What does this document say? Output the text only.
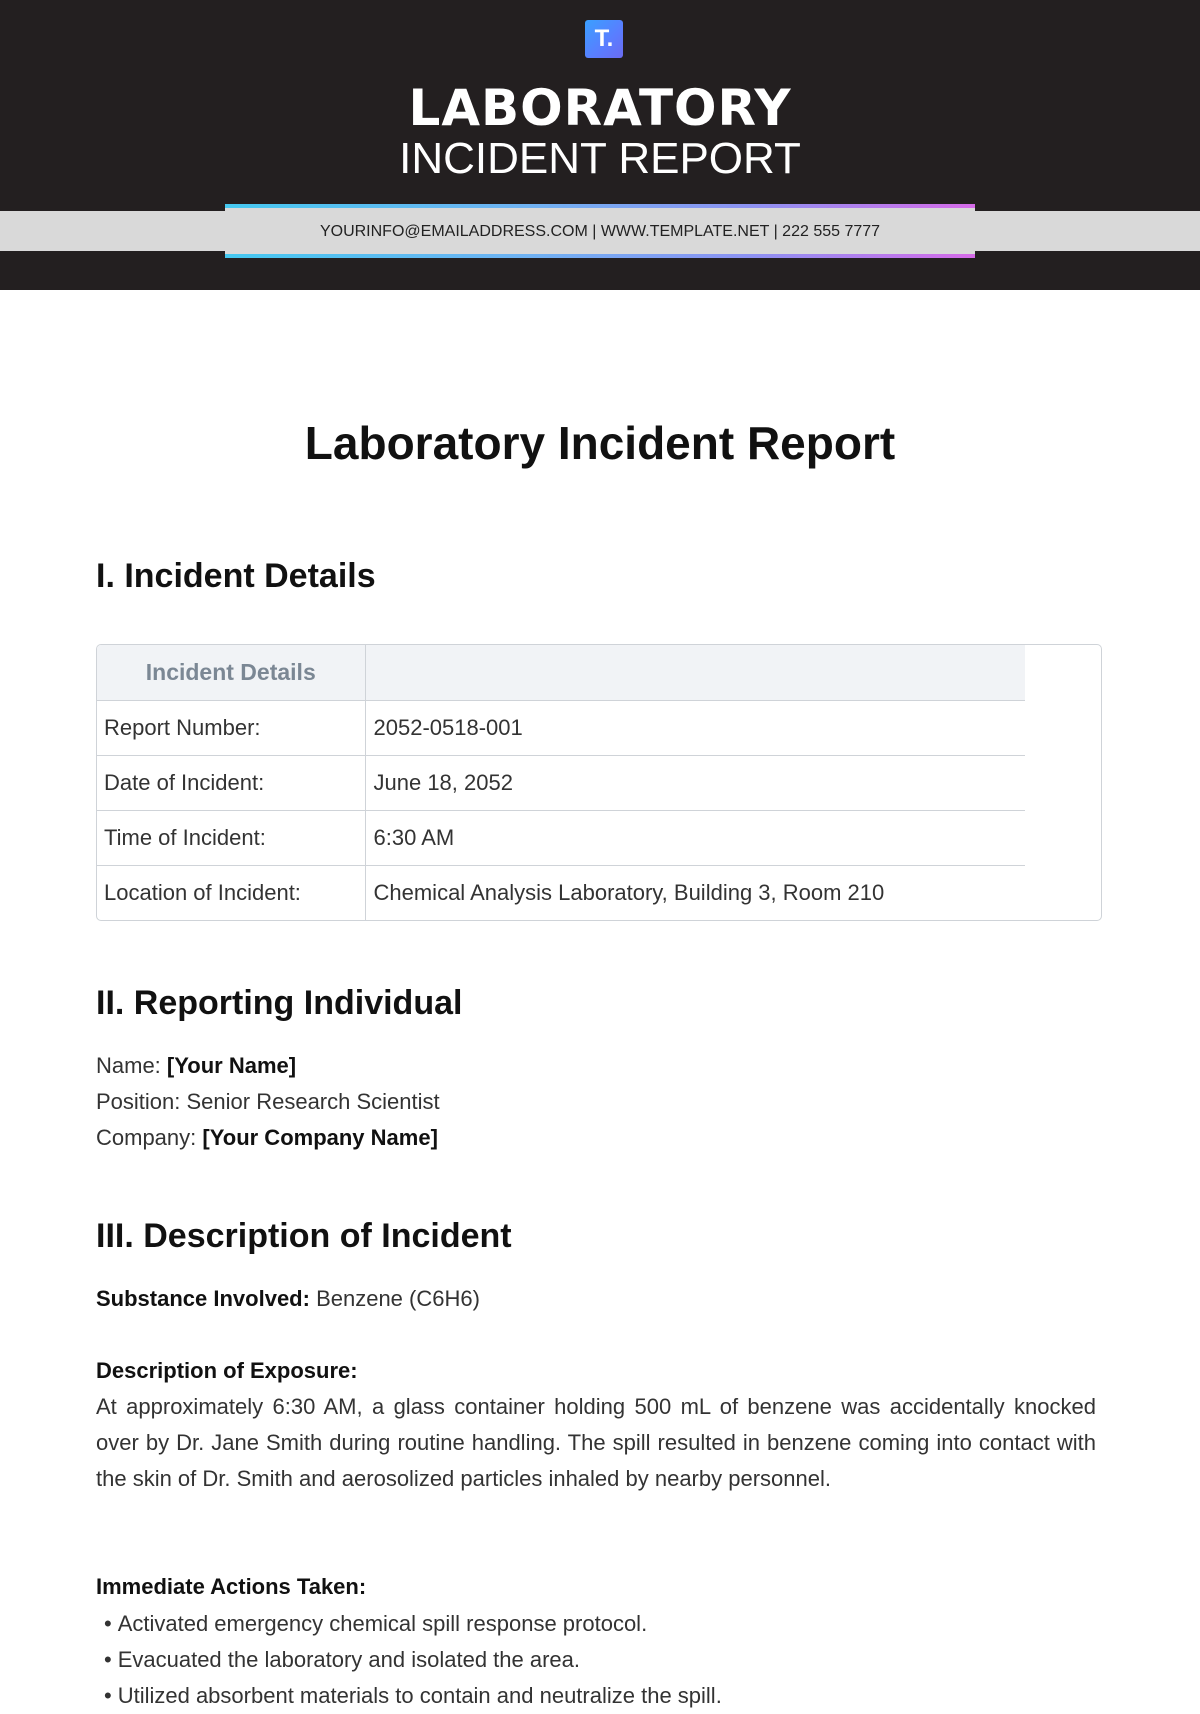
T.
LABORATORY
INCIDENT REPORT
YOURINFO@EMAILADDRESS.COM | WWW.TEMPLATE.NET | 222 555 7777
Laboratory Incident Report
I. Incident Details
Incident Details	
Report Number:	2052-0518-001
Date of Incident:	June 18, 2052
Time of Incident:	6:30 AM
Location of Incident:	Chemical Analysis Laboratory, Building 3, Room 210
II. Reporting Individual
Name: [Your Name]
Position: Senior Research Scientist
Company: [Your Company Name]
III. Description of Incident
Substance Involved: Benzene (C6H6)
Description of Exposure:
At approximately 6:30 AM, a glass container holding 500 mL of benzene was accidentally knocked over by Dr. Jane Smith during routine handling. The spill resulted in benzene coming into contact with the skin of Dr. Smith and aerosolized particles inhaled by nearby personnel.
Immediate Actions Taken:
• Activated emergency chemical spill response protocol.
• Evacuated the laboratory and isolated the area.
• Utilized absorbent materials to contain and neutralize the spill.
